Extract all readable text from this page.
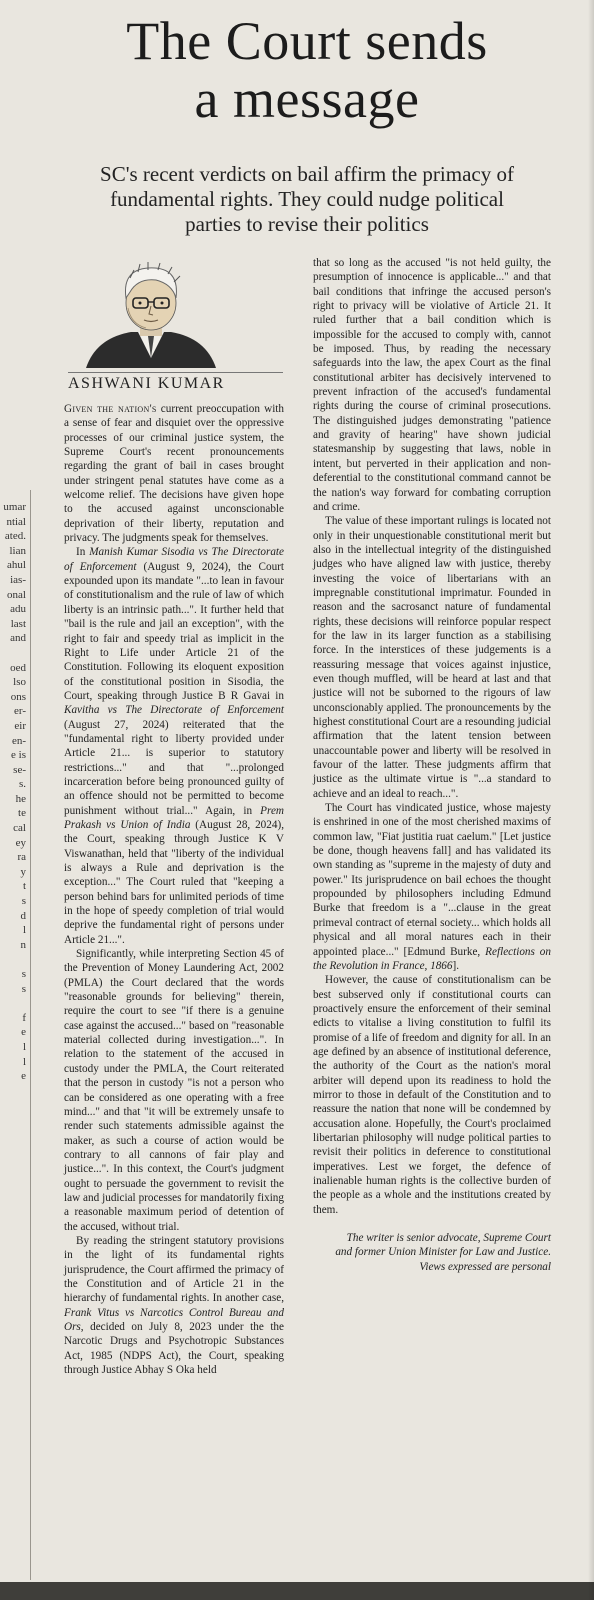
The Court sends
a message
SC's recent verdicts on bail affirm the primacy of
fundamental rights. They could nudge political
parties to revise their politics
ASHWANI KUMAR
umar
ntial
ated.
lian
ahul
ias-
onal
adu
last
and

oed
lso
ons
er-
eir
en-
e is
se-
s.
he
te
cal
ey
ra
y
t
s
d
l
n

s
s

f
e
l
l
e

Given the nation's current preoccupation with a sense of fear and disquiet over the oppressive processes of our criminal justice system, the Supreme Court's recent pronouncements regarding the grant of bail in cases brought under stringent penal statutes have come as a welcome relief. The decisions have given hope to the accused against unconscionable deprivation of their liberty, reputation and privacy. The judgments speak for themselves.

In Manish Kumar Sisodia vs The Directorate of Enforcement (August 9, 2024), the Court expounded upon its mandate "...to lean in favour of constitutionalism and the rule of law of which liberty is an intrinsic path...". It further held that "bail is the rule and jail an exception", with the right to fair and speedy trial as implicit in the Right to Life under Article 21 of the Constitution. Following its eloquent exposition of the constitutional position in Sisodia, the Court, speaking through Justice B R Gavai in Kavitha vs The Directorate of Enforcement (August 27, 2024) reiterated that the "fundamental right to liberty provided under Article 21... is superior to statutory restrictions..." and that "...prolonged incarceration before being pronounced guilty of an offence should not be permitted to become punishment without trial..." Again, in Prem Prakash vs Union of India (August 28, 2024), the Court, speaking through Justice K V Viswanathan, held that "liberty of the individual is always a Rule and deprivation is the exception..." The Court ruled that "keeping a person behind bars for unlimited periods of time in the hope of speedy completion of trial would deprive the fundamental right of persons under Article 21...".

Significantly, while interpreting Section 45 of the Prevention of Money Laundering Act, 2002 (PMLA) the Court declared that the words "reasonable grounds for believing" therein, require the court to see "if there is a genuine case against the accused..." based on "reasonable material collected during investigation...". In relation to the statement of the accused in custody under the PMLA, the Court reiterated that the person in custody "is not a person who can be considered as one operating with a free mind..." and that "it will be extremely unsafe to render such statements admissible against the maker, as such a course of action would be contrary to all cannons of fair play and justice...". In this context, the Court's judgment ought to persuade the government to revisit the law and judicial processes for mandatorily fixing a reasonable maximum period of detention of the accused, without trial.

By reading the stringent statutory provisions in the light of its fundamental rights jurisprudence, the Court affirmed the primacy of the Constitution and of Article 21 in the hierarchy of fundamental rights. In another case, Frank Vitus vs Narcotics Control Bureau and Ors, decided on July 8, 2023 under the the Narcotic Drugs and Psychotropic Substances Act, 1985 (NDPS Act), the Court, speaking through Justice Abhay S Oka held

that so long as the accused "is not held guilty, the presumption of innocence is applicable..." and that bail conditions that infringe the accused person's right to privacy will be violative of Article 21. It ruled further that a bail condition which is impossible for the accused to comply with, cannot be imposed. Thus, by reading the necessary safeguards into the law, the apex Court as the final constitutional arbiter has decisively intervened to prevent infraction of the accused's fundamental rights during the course of criminal prosecutions. The distinguished judges demonstrating "patience and gravity of hearing" have shown judicial statesmanship by suggesting that laws, noble in intent, but perverted in their application and non-deferential to the constitutional command cannot be the nation's way forward for combating corruption and crime.

The value of these important rulings is located not only in their unquestionable constitutional merit but also in the intellectual integrity of the distinguished judges who have aligned law with justice, thereby investing the voice of libertarians with an impregnable constitutional imprimatur. Founded in reason and the sacrosanct nature of fundamental rights, these decisions will reinforce popular respect for the law in its larger function as a stabilising force. In the interstices of these judgements is a reassuring message that voices against injustice, even though muffled, will be heard at last and that justice will not be suborned to the rigours of law unconscionably applied. The pronouncements by the highest constitutional Court are a resounding judicial affirmation that the latent tension between unaccountable power and liberty will be resolved in favour of the latter. These judgments affirm that justice as the ultimate virtue is "...a standard to achieve and an ideal to reach...".

The Court has vindicated justice, whose majesty is enshrined in one of the most cherished maxims of common law, "Fiat justitia ruat caelum." [Let justice be done, though heavens fall] and has validated its own standing as "supreme in the majesty of duty and power." Its jurisprudence on bail echoes the thought propounded by philosophers including Edmund Burke that freedom is a "...clause in the great primeval contract of eternal society... which holds all physical and all moral natures each in their appointed place..." [Edmund Burke, Reflections on the Revolution in France, 1866].

However, the cause of constitutionalism can be best subserved only if constitutional courts can proactively ensure the enforcement of their seminal edicts to vitalise a living constitution to fulfil its promise of a life of freedom and dignity for all. In an age defined by an absence of institutional deference, the authority of the Court as the nation's moral arbiter will depend upon its readiness to hold the mirror to those in default of the Constitution and to reassure the nation that none will be condemned by accusation alone. Hopefully, the Court's proclaimed libertarian philosophy will nudge political parties to revisit their politics in deference to constitutional imperatives. Lest we forget, the defence of inalienable human rights is the collective burden of the people as a whole and the institutions created by them.

The writer is senior advocate, Supreme Court and former Union Minister for Law and Justice. Views expressed are personal
